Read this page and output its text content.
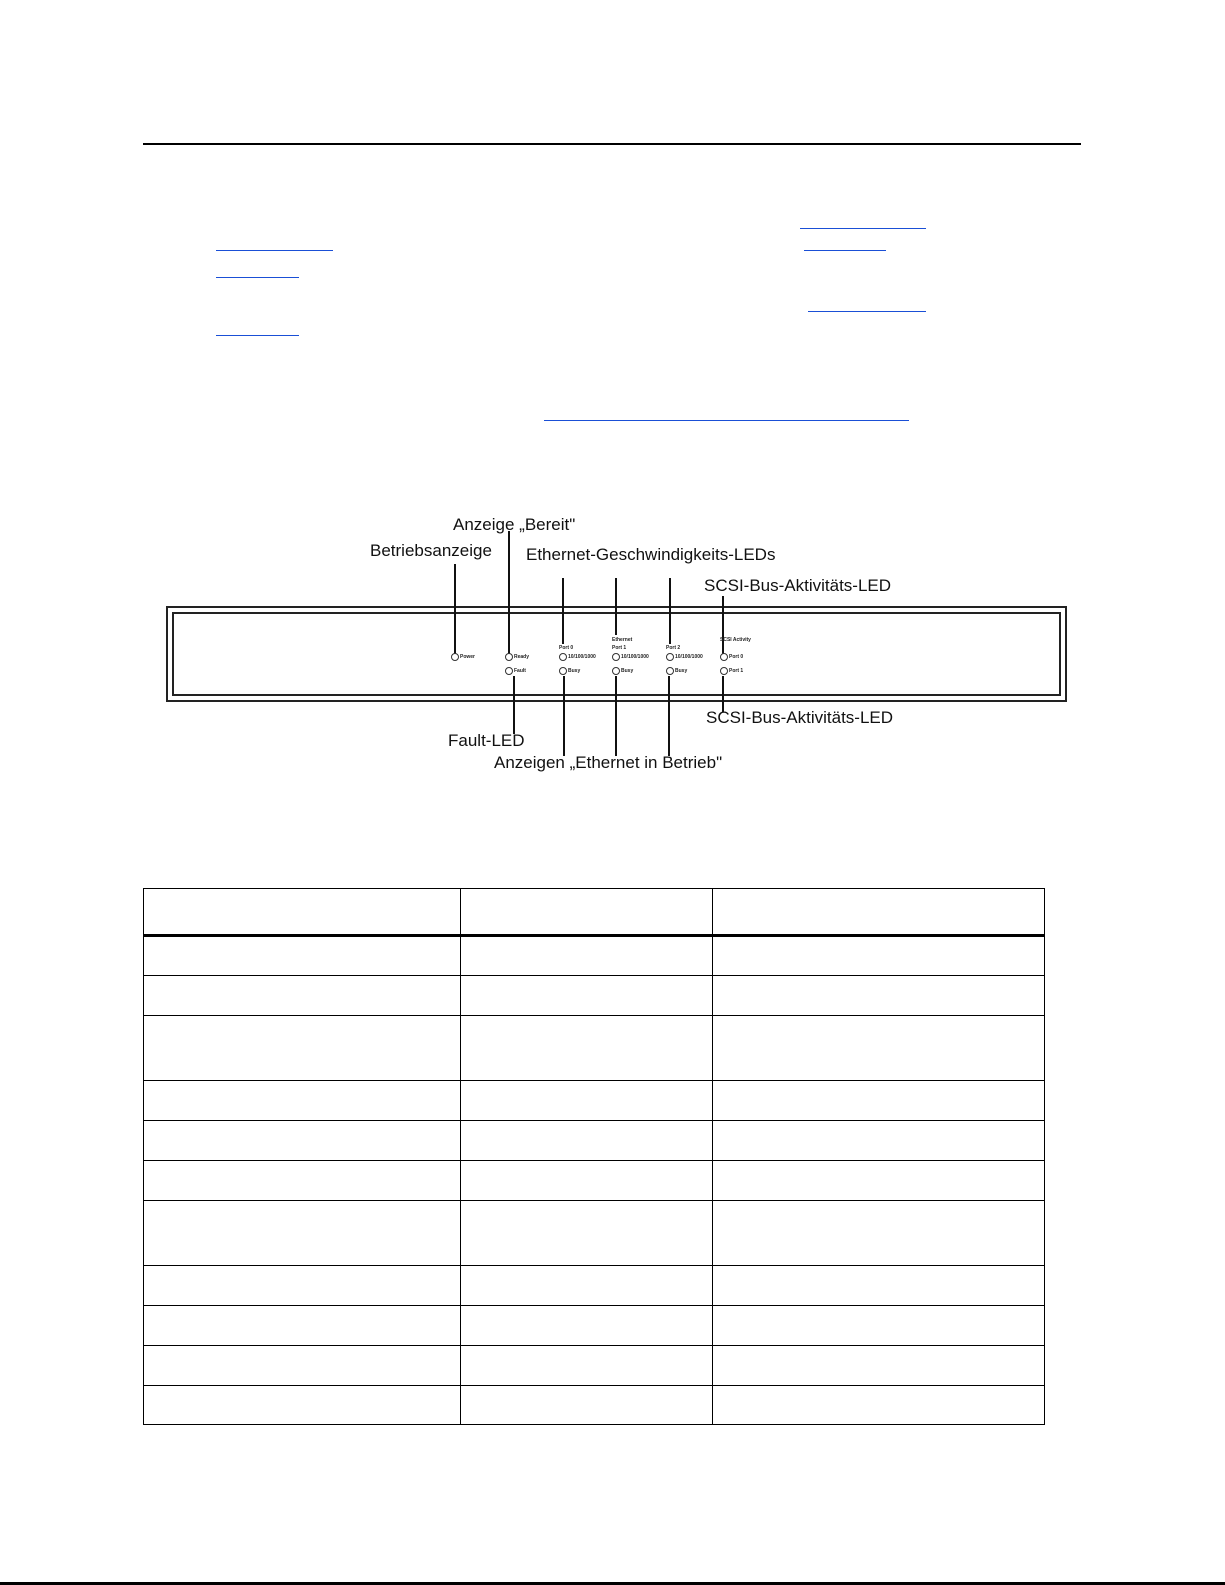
Anzeige „Bereit"
Betriebsanzeige Ethernet-Geschwindigkeits-LEDs
SCSI-Bus-Aktivitäts-LED
Fault-LED
SCSI-Bus-Aktivitäts-LED
Anzeigen „Ethernet in Betrieb"
Power	Ready
Fault
Port 0
10/100/1000
Busy
Ethernet
Port 1
10/100/1000
Busy
Port 2
10/100/1000
Busy
SCSI Activity
Port 0
Port 1
